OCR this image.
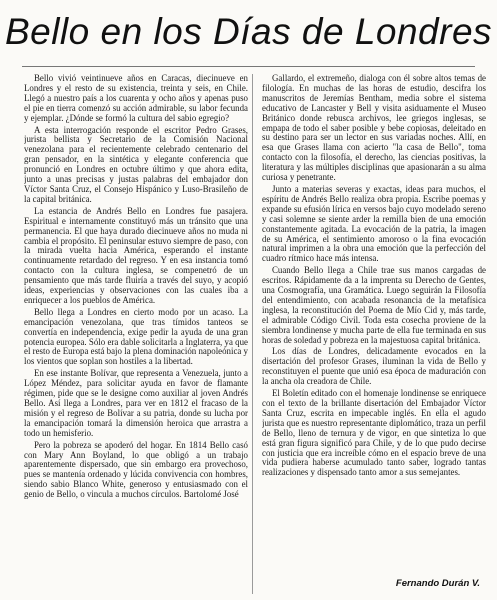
Bello en los Días de Londres

Bello vivió veintinueve años en Caracas, diecinueve en Londres y el resto de su existencia, treinta y seis, en Chile. Llegó a nuestro país a los cuarenta y ocho años y apenas puso el pie en tierra comenzó su acción admirable, su labor fecunda y ejemplar. ¿Dónde se formó la cultura del sabio egregio?

A esta interrogación responde el escritor Pedro Grases, jurista bellista y Secretario de la Comisión Nacional venezolana para el recientemente celebrado centenario del gran pensador, en la sintética y elegante conferencia que pronunció en Londres en octubre último y que ahora edita, junto a unas precisas y justas palabras del embajador don Víctor Santa Cruz, el Consejo Hispánico y Luso-Brasileño de la capital británica.

La estancia de Andrés Bello en Londres fue pasajera. Espiritual e internamente constituyó más un tránsito que una permanencia. El que haya durado diecinueve años no muda ni cambia el propósito. El peninsular estuvo siempre de paso, con la mirada vuelta hacia América, esperando el instante continuamente retardado del regreso. Y en esa instancia tomó contacto con la cultura inglesa, se compenetró de un pensamiento que más tarde fluiría a través del suyo, y acopió ideas, experiencias y observaciones con las cuales iba a enriquecer a los pueblos de América.

Bello llega a Londres en cierto modo por un acaso. La emancipación venezolana, que tras tímidos tanteos se convertía en independencia, exige pedir la ayuda de una gran potencia europea. Sólo era dable solicitarla a Inglaterra, ya que el resto de Europa está bajo la plena dominación napoleónica y los vientos que soplan son hostiles a la libertad.

En ese instante Bolívar, que representa a Venezuela, junto a López Méndez, para solicitar ayuda en favor de flamante régimen, pide que se le designe como auxiliar al joven Andrés Bello. Así llega a Londres, para ver en 1812 el fracaso de la misión y el regreso de Bolívar a su patria, donde su lucha por la emancipación tomará la dimensión heroica que arrastra a todo un hemisferio.

Pero la pobreza se apoderó del hogar. En 1814 Bello casó con Mary Ann Boyland, lo que obligó a un trabajo aparentemente dispersado, que sin embargo era provechoso, pues se mantenía ordenado y lúcida convivencia con hombres, siendo sabio Blanco White, generoso y entusiasmado con el genio de Bello, o vincula a muchos círculos. Bartolomé José

Gallardo, el extremeño, dialoga con él sobre altos temas de filología. En muchas de las horas de estudio, descifra los manuscritos de Jeremías Bentham, media sobre el sistema educativo de Lancaster y Bell y visita asiduamente el Museo Británico donde rebusca archivos, lee griegos inglesas, se empapa de todo el saber posible y bebe copiosas, deleitado en su destino para ser un lector en sus variadas noches. Allí, en esa que Grases llama con acierto "la casa de Bello", toma contacto con la filosofía, el derecho, las ciencias positivas, la literatura y las múltiples disciplinas que apasionarán a su alma curiosa y penetrante.

Junto a materias severas y exactas, ideas para muchos, el espíritu de Andrés Bello realiza obra propia. Escribe poemas y expande su efusión lírica en versos bajo cuyo modelado sereno y casi solemne se siente arder la remilla bien de una emoción constantemente agitada. La evocación de la patria, la imagen de su América, el sentimiento amoroso o la fina evocación natural imprimen a la obra una emoción que la perfección del cuadro rítmico hace más intensa.

Cuando Bello llega a Chile trae sus manos cargadas de escritos. Rápidamente da a la imprenta su Derecho de Gentes, una Cosmografía, una Gramática. Luego seguirán la Filosofía del entendimiento, con acabada resonancia de la metafísica inglesa, la reconstitución del Poema de Mío Cid y, más tarde, el admirable Código Civil. Toda esta cosecha proviene de la siembra londinense y mucha parte de ella fue terminada en sus horas de soledad y pobreza en la majestuosa capital británica.

Los días de Londres, delicadamente evocados en la disertación del profesor Grases, iluminan la vida de Bello y reconstituyen el puente que unió esa época de maduración con la ancha ola creadora de Chile.

El Boletín editado con el homenaje londinense se enriquece con el texto de la brillante disertación del Embajador Víctor Santa Cruz, escrita en impecable inglés. En ella el agudo jurista que es nuestro representante diplomático, traza un perfil de Bello, lleno de ternura y de vigor, en que sintetiza lo que está gran figura significó para Chile, y de lo que pudo decirse con justicia que era increíble cómo en el espacio breve de una vida pudiera haberse acumulado tanto saber, logrado tantas realizaciones y dispensado tanto amor a sus semejantes.

Fernando Durán V.
